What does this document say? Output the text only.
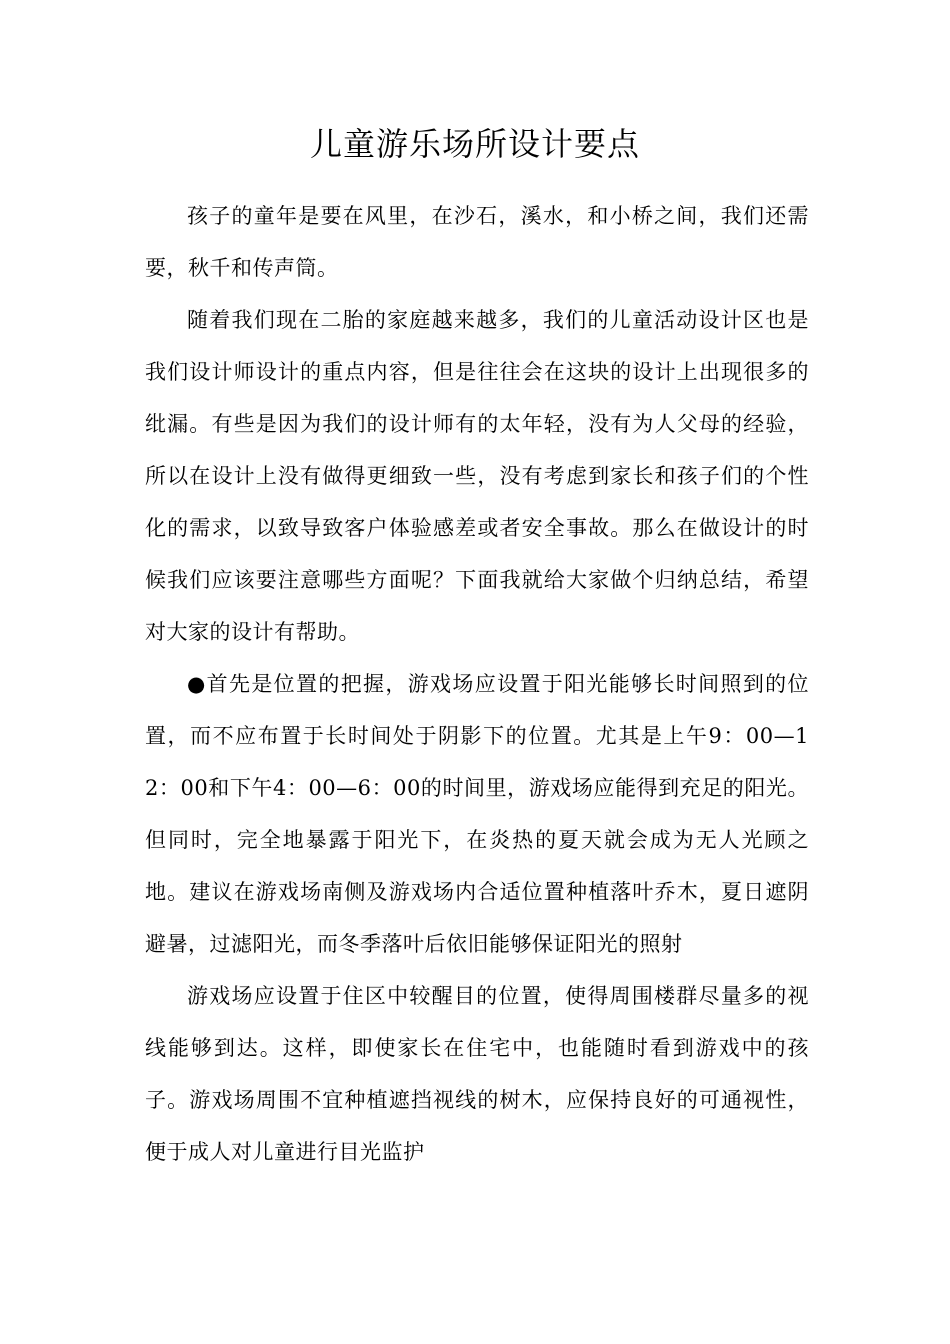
儿童游乐场所设计要点

孩子的童年是要在风里，在沙石，溪水，和小桥之间，我们还需要，秋千和传声筒。

随着我们现在二胎的家庭越来越多，我们的儿童活动设计区也是我们设计师设计的重点内容，但是往往会在这块的设计上出现很多的纰漏。有些是因为我们的设计师有的太年轻，没有为人父母的经验，所以在设计上没有做得更细致一些，没有考虑到家长和孩子们的个性化的需求，以致导致客户体验感差或者安全事故。那么在做设计的时候我们应该要注意哪些方面呢？下面我就给大家做个归纳总结，希望对大家的设计有帮助。

●首先是位置的把握，游戏场应设置于阳光能够长时间照到的位置，而不应布置于长时间处于阴影下的位置。尤其是上午9：00—12：00和下午4：00—6：00的时间里，游戏场应能得到充足的阳光。但同时，完全地暴露于阳光下，在炎热的夏天就会成为无人光顾之地。建议在游戏场南侧及游戏场内合适位置种植落叶乔木，夏日遮阴避暑，过滤阳光，而冬季落叶后依旧能够保证阳光的照射

游戏场应设置于住区中较醒目的位置，使得周围楼群尽量多的视线能够到达。这样，即使家长在住宅中，也能随时看到游戏中的孩子。游戏场周围不宜种植遮挡视线的树木，应保持良好的可通视性，便于成人对儿童进行目光监护
